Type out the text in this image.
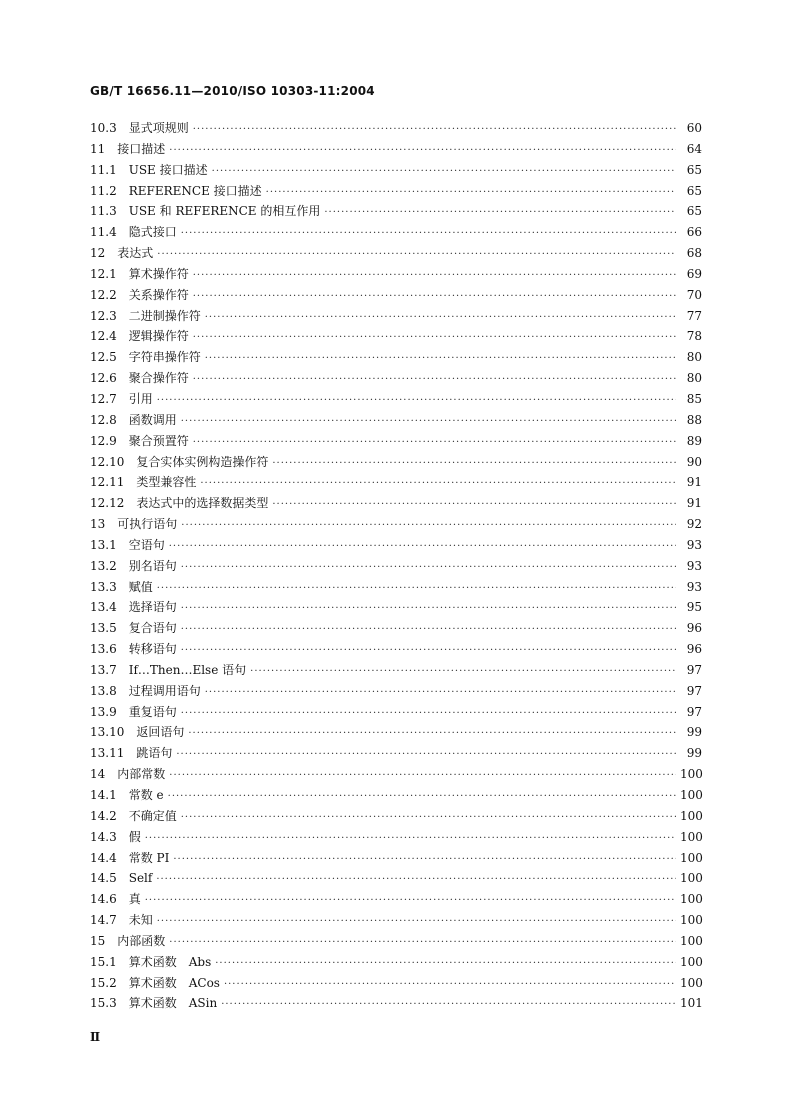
GB/T 16656.11—2010/ISO 10303-11:2004
10.3	显式项规则 ·····	60
11	接口描述 ·····	64
11.1	USE 接口描述 ·····	65
11.2	REFERENCE 接口描述 ·····	65
11.3	USE 和 REFERENCE 的相互作用 ·····	65
11.4	隐式接口 ·····	66
12	表达式 ·····	68
12.1	算术操作符 ·····	69
12.2	关系操作符 ·····	70
12.3	二进制操作符 ·····	77
12.4	逻辑操作符 ·····	78
12.5	字符串操作符 ·····	80
12.6	聚合操作符 ·····	80
12.7	引用 ·····	85
12.8	函数调用 ·····	88
12.9	聚合预置符 ·····	89
12.10	复合实体实例构造操作符 ·····	90
12.11	类型兼容性 ·····	91
12.12	表达式中的选择数据类型 ·····	91
13	可执行语句 ·····	92
13.1	空语句 ·····	93
13.2	别名语句 ·····	93
13.3	赋值 ·····	93
13.4	选择语句 ·····	95
13.5	复合语句 ·····	96
13.6	转移语句 ·····	96
13.7	If…Then…Else 语句 ·····	97
13.8	过程调用语句 ·····	97
13.9	重复语句 ·····	97
13.10	返回语句 ·····	99
13.11	跳语句 ·····	99
14	内部常数 ·····	100
14.1	常数 e ·····	100
14.2	不确定值 ·····	100
14.3	假 ·····	100
14.4	常数 PI ·····	100
14.5	Self ·····	100
14.6	真 ·····	100
14.7	未知 ·····	100
15	内部函数 ·····	100
15.1	算术函数　Abs ·····	100
15.2	算术函数　ACos ·····	100
15.3	算术函数　ASin ·····	101
Ⅱ
